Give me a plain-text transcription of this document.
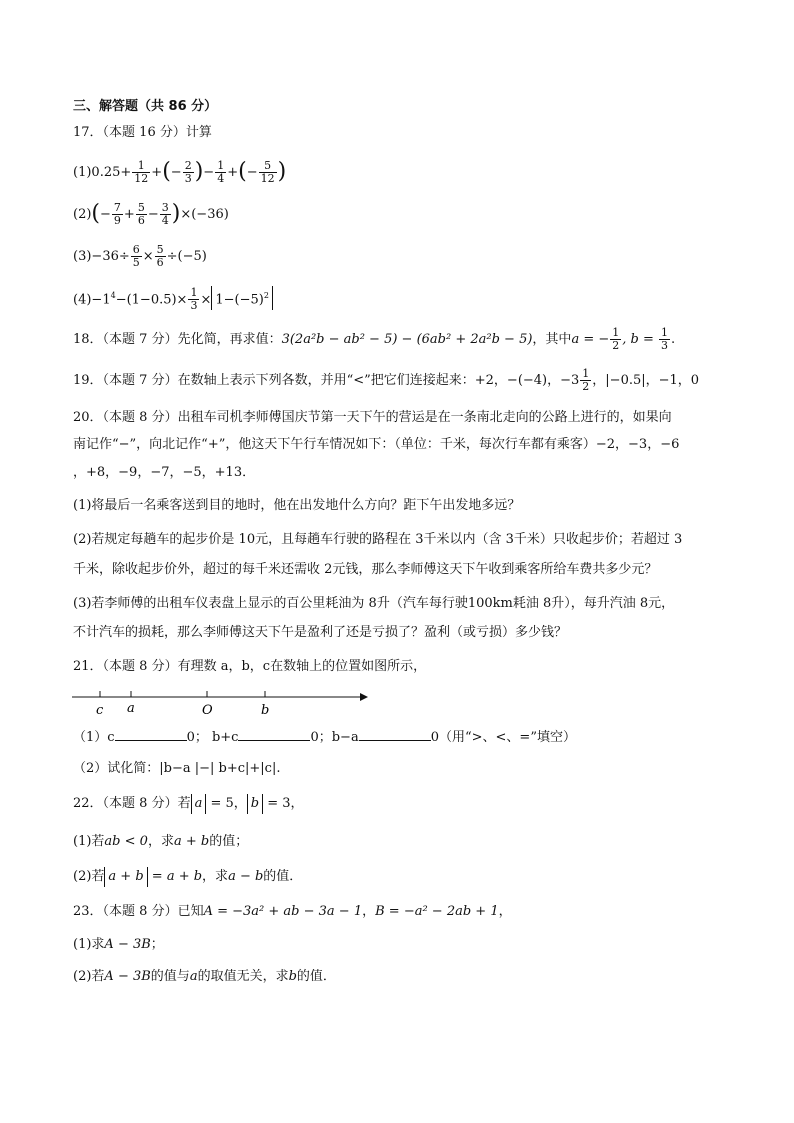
三、解答题（共 86 分）
17．（本题 16 分）计算
$(1)0.25+ \frac{1}{12}$ +(− $\frac{2}{3}$ )− $\frac{1}{4}$ +(− $\frac{5}{12}$ )
$(2)(- \frac{7}{9} + \frac{5}{6} - \frac{3}{4} )\times(-36)$
$(3)-36\div \frac{6}{5} \times \frac{5}{6} \div(-5)$
$(4)-1^4-(1-0.5)\times \frac{1}{3} \times 1-(-5)^2$
18．（本题 7 分）先化简，再求值：3(2a²b − ab² − 5) − (6ab² + 2a²b − 5)，其中a = − $\frac{1}{2}$ , $b = \frac{1}{3}$ .
19．（本题 7 分）在数轴上表示下列各数，并用“<”把它们连接起来：+2，−(−4)，$-3 \frac{1}{2}$ ，|−0.5|，−1，0
20．（本题 8 分）出租车司机李师傅国庆节第一天下午的营运是在一条南北走向的公路上进行的，如果向
南记作“−”，向北记作“+”，他这天下午行车情况如下：（单位：千米，每次行车都有乘客）−2，−3，−6
，+8，−9，−7，−5，+13．
(1)将最后一名乘客送到目的地时，他在出发地什么方向？距下午出发地多远？
(2)若规定每趟车的起步价是 10元，且每趟车行驶的路程在 3千米以内（含 3千米）只收起步价；若超过 3
千米，除收起步价外，超过的每千米还需收 2元钱，那么李师傅这天下午收到乘客所给车费共多少元？
(3)若李师傅的出租车仪表盘上显示的百公里耗油为 8升（汽车每行驶100km耗油 8升），每升汽油 8元，
不计汽车的损耗，那么李师傅这天下午是盈利了还是亏损了？盈利（或亏损）多少钱？
21．（本题 8 分）有理数 a，b，c在数轴上的位置如图所示，
c a	O	b
（1）c	0； b+c	0；b−a	0（用“>、<、=”填空）
（2）试化简：|b−a |−| b+c|+|c|.
22．（本题 8 分）若 a = 5， b = 3，
(1)若ab < 0，求a + b的值；
(2)若 a + b = a + b，求a − b的值．
23．（本题 8 分）已知A = −3a² + ab − 3a − 1，B = −a² − 2ab + 1，
(1)求A − 3B；
(2)若A − 3B的值与a的取值无关，求b的值．
